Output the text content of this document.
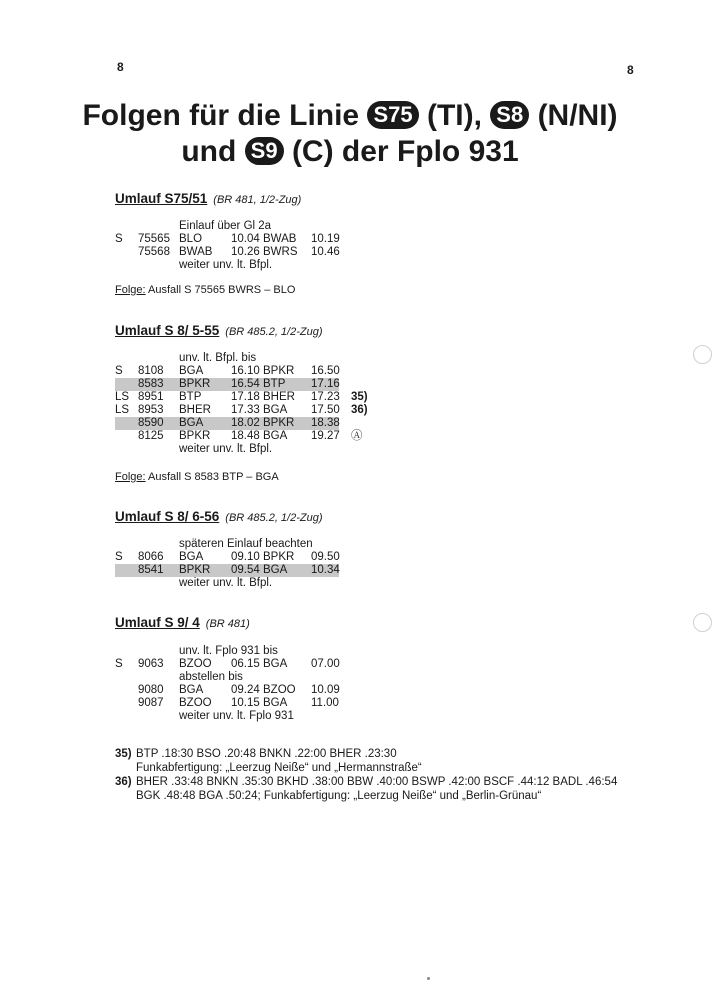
8	8
Folgen für die Linie S75 (TI), S8 (N/NI)
und S9 (C) der Fplo 931
Umlauf S75/51 (BR 481, 1/2-Zug)
Einlauf über Gl 2a
S 75565 BLO	10.04 BWAB 10.19
75568 BWAB 10.26 BWRS 10.46
weiter unv. lt. Bfpl.
Folge: Ausfall S 75565 BWRS – BLO
Umlauf S 8/ 5-55 (BR 485.2, 1/2-Zug)
unv. lt. Bfpl. bis
S 8108 BGA 16.10 BPKR 16.50
8583 BPKR 16.54 BTP 17.16
LS 8951 BTP	17.18 BHER 17.23 35)
LS 8953 BHER 17.33 BGA 17.50 36)
8590 BGA 18.02 BPKR 18.38
8125 BPKR 18.48 BGA 19.27 Ⓐ
weiter unv. lt. Bfpl.
Folge: Ausfall S 8583 BTP – BGA
Umlauf S 8/ 6-56 (BR 485.2, 1/2-Zug)
späteren Einlauf beachten
S 8066 BGA 09.10 BPKR 09.50
8541 BPKR 09.54 BGA 10.34
weiter unv. lt. Bfpl.
Umlauf S 9/ 4 (BR 481)
unv. lt. Fplo 931 bis
S 9063 BZOO 06.15 BGA 07.00
abstellen bis
9080 BGA 09.24 BZOO 10.09
9087 BZOO 10.15 BGA 11.00
weiter unv. lt. Fplo 931
35) BTP .18:30 BSO .20:48 BNKN .22:00 BHER .23:30
Funkabfertigung: „Leerzug Neiße“ und „Hermannstraße“
36) BHER .33:48 BNKN .35:30 BKHD .38:00 BBW .40:00 BSWP .42:00 BSCF .44:12 BADL .46:54
BGK .48:48 BGA .50:24; Funkabfertigung: „Leerzug Neiße“ und „Berlin-Grünau“
